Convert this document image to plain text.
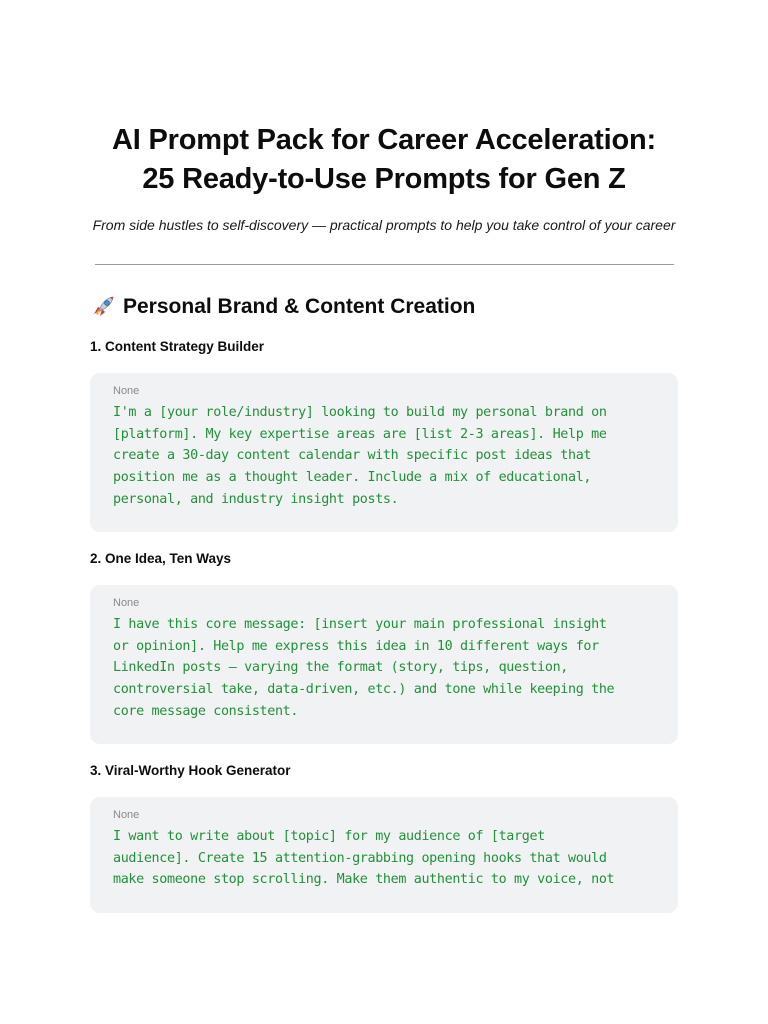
AI Prompt Pack for Career Acceleration:
25 Ready-to-Use Prompts for Gen Z

From side hustles to self-discovery — practical prompts to help you take control of your career

Personal Brand & Content Creation
1. Content Strategy Builder
None
I'm a [your role/industry] looking to build my personal brand on
[platform]. My key expertise areas are [list 2-3 areas]. Help me
create a 30-day content calendar with specific post ideas that
position me as a thought leader. Include a mix of educational,
personal, and industry insight posts.
2. One Idea, Ten Ways
None
I have this core message: [insert your main professional insight
or opinion]. Help me express this idea in 10 different ways for
LinkedIn posts — varying the format (story, tips, question,
controversial take, data-driven, etc.) and tone while keeping the
core message consistent.
3. Viral-Worthy Hook Generator
None
I want to write about [topic] for my audience of [target
audience]. Create 15 attention-grabbing opening hooks that would
make someone stop scrolling. Make them authentic to my voice, not
